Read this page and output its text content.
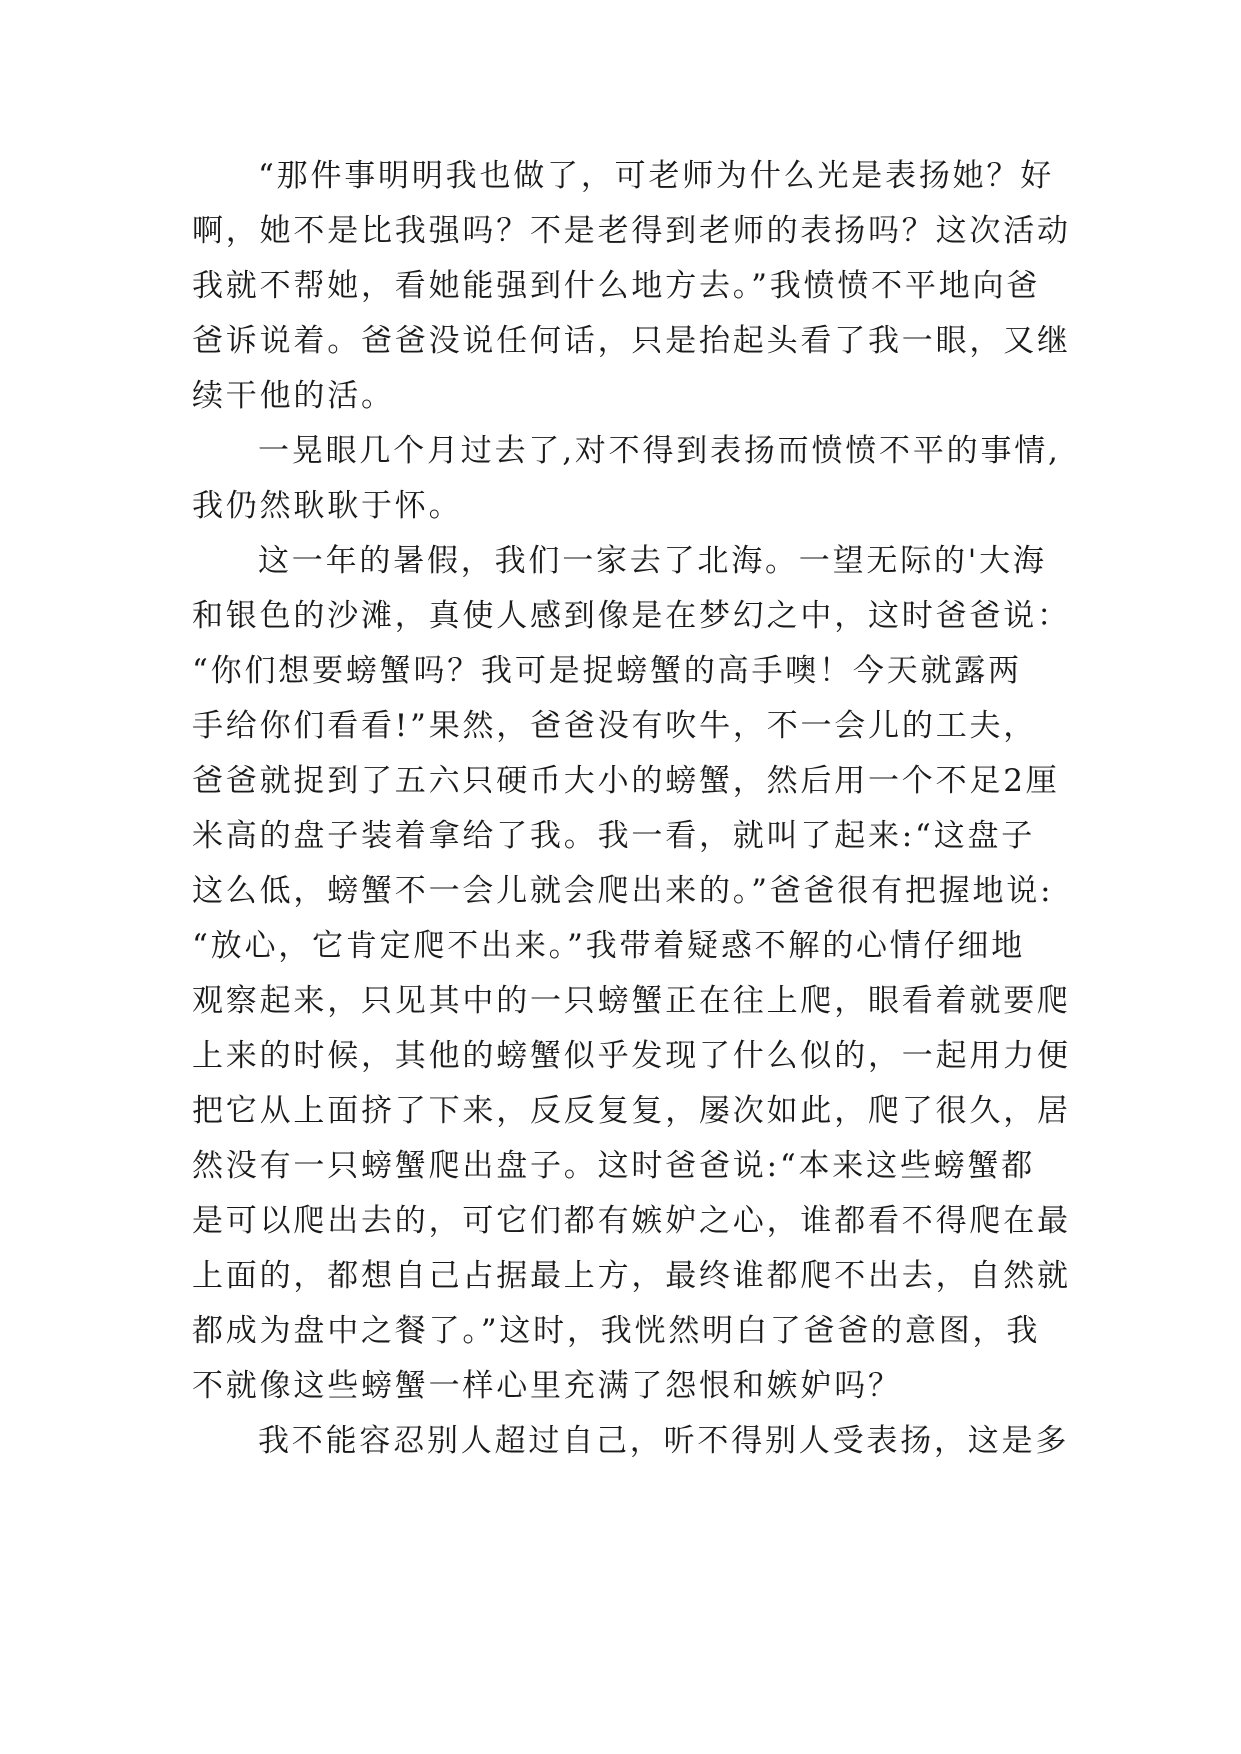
“那件事明明我也做了，可老师为什么光是表扬她？好
啊，她不是比我强吗？不是老得到老师的表扬吗？这次活动
我就不帮她，看她能强到什么地方去。”我愤愤不平地向爸
爸诉说着。爸爸没说任何话，只是抬起头看了我一眼，又继
续干他的活。
一晃眼几个月过去了,对不得到表扬而愤愤不平的事情,
我仍然耿耿于怀。
这一年的暑假，我们一家去了北海。一望无际的'大海
和银色的沙滩，真使人感到像是在梦幻之中，这时爸爸说：
“你们想要螃蟹吗？我可是捉螃蟹的高手噢！今天就露两
手给你们看看!”果然，爸爸没有吹牛，不一会儿的工夫，
爸爸就捉到了五六只硬币大小的螃蟹，然后用一个不足2厘
米高的盘子装着拿给了我。我一看，就叫了起来:“这盘子
这么低，螃蟹不一会儿就会爬出来的。”爸爸很有把握地说:
“放心，它肯定爬不出来。”我带着疑惑不解的心情仔细地
观察起来，只见其中的一只螃蟹正在往上爬，眼看着就要爬
上来的时候，其他的螃蟹似乎发现了什么似的，一起用力便
把它从上面挤了下来，反反复复，屡次如此，爬了很久，居
然没有一只螃蟹爬出盘子。这时爸爸说:“本来这些螃蟹都
是可以爬出去的，可它们都有嫉妒之心，谁都看不得爬在最
上面的，都想自己占据最上方，最终谁都爬不出去，自然就
都成为盘中之餐了。”这时，我恍然明白了爸爸的意图，我
不就像这些螃蟹一样心里充满了怨恨和嫉妒吗？
我不能容忍别人超过自己，听不得别人受表扬，这是多
